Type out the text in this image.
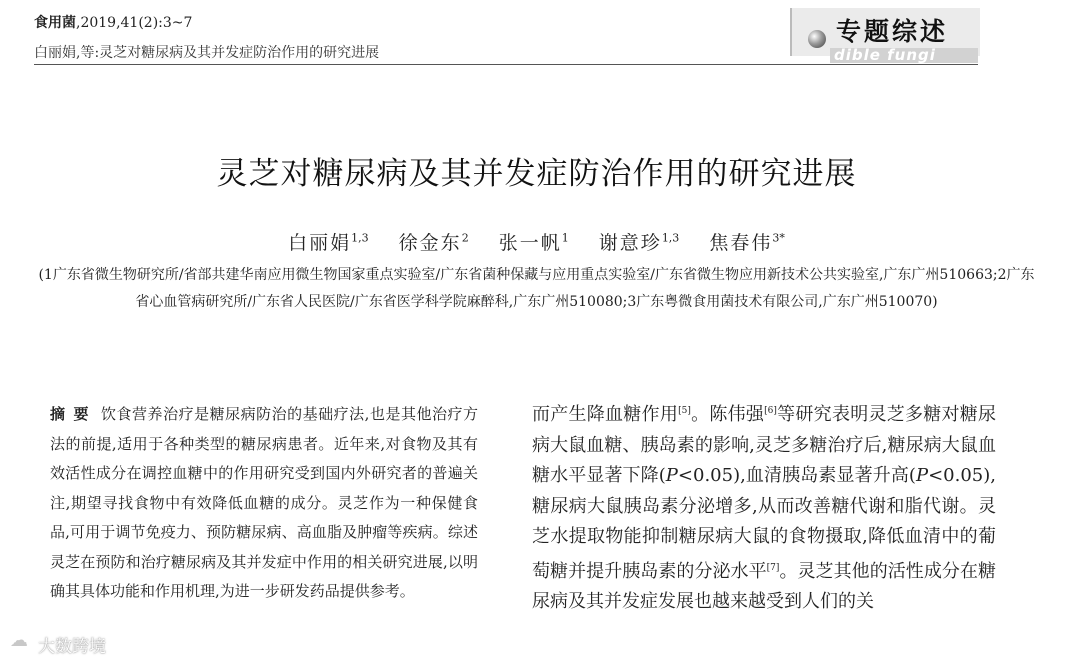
食用菌,2019,41(2):3~7
白丽娟,等:灵芝对糖尿病及其并发症防治作用的研究进展
专题综述
dible fungi
灵芝对糖尿病及其并发症防治作用的研究进展
白丽娟$^{1,3}$ 徐金东$^2$ 张一帆$^1$ 谢意珍$^{1,3}$ 焦春伟$^{3*}$
(1广东省微生物研究所/省部共建华南应用微生物国家重点实验室/广东省菌种保藏与应用重点实验室/广东省微生物应用新技术公共实验室,广东广州510663;2广东省心血管病研究所/广东省人民医院/广东省医学科学院麻醉科,广东广州510080;3广东粤微食用菌技术有限公司,广东广州510070)
摘要 饮食营养治疗是糖尿病防治的基础疗法,也是其他治疗方法的前提,适用于各种类型的糖尿病患者。近年来,对食物及其有效活性成分在调控血糖中的作用研究受到国内外研究者的普遍关注,期望寻找食物中有效降低血糖的成分。灵芝作为一种保健食品,可用于调节免疫力、预防糖尿病、高血脂及肿瘤等疾病。综述灵芝在预防和治疗糖尿病及其并发症中作用的相关研究进展,以明确其具体功能和作用机理,为进一步研发药品提供参考。
而产生降血糖作用[5]。陈伟强[6]等研究表明灵芝多糖对糖尿病大鼠血糖、胰岛素的影响,灵芝多糖治疗后,糖尿病大鼠血糖水平显著下降(P<0.05),血清胰岛素显著升高(P<0.05),糖尿病大鼠胰岛素分泌增多,从而改善糖代谢和脂代谢。灵芝水提取物能抑制糖尿病大鼠的食物摄取,降低血清中的葡萄糖并提升胰岛素的分泌水平[7]。灵芝其他的活性成分在糖尿病及其并发症发展也越来越受到人们的关
☁ 大数跨境
